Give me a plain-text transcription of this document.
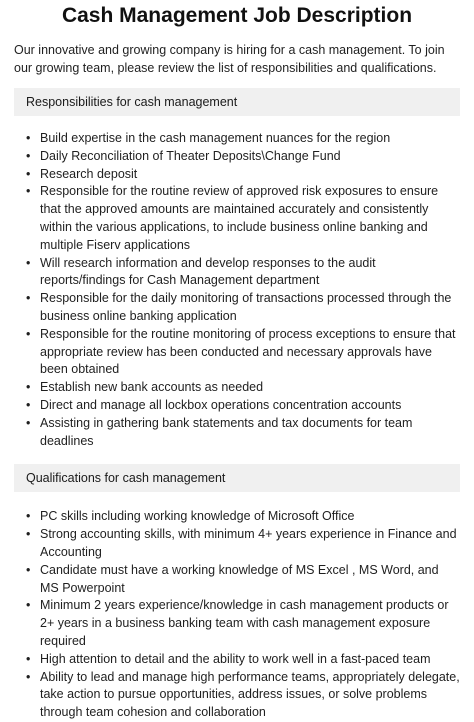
Cash Management Job Description

Our innovative and growing company is hiring for a cash management. To join our growing team, please review the list of responsibilities and qualifications.

Responsibilities for cash management
• Build expertise in the cash management nuances for the region
• Daily Reconciliation of Theater Deposits\Change Fund
• Research deposit
• Responsible for the routine review of approved risk exposures to ensure that the approved amounts are maintained accurately and consistently within the various applications, to include business online banking and multiple Fiserv applications
• Will research information and develop responses to the audit reports/findings for Cash Management department
• Responsible for the daily monitoring of transactions processed through the business online banking application
• Responsible for the routine monitoring of process exceptions to ensure that appropriate review has been conducted and necessary approvals have been obtained
• Establish new bank accounts as needed
• Direct and manage all lockbox operations concentration accounts
• Assisting in gathering bank statements and tax documents for team deadlines
Qualifications for cash management
• PC skills including working knowledge of Microsoft Office
• Strong accounting skills, with minimum 4+ years experience in Finance and Accounting
• Candidate must have a working knowledge of MS Excel , MS Word, and MS Powerpoint
• Minimum 2 years experience/knowledge in cash management products or 2+ years in a business banking team with cash management exposure required
• High attention to detail and the ability to work well in a fast-paced team
• Ability to lead and manage high performance teams, appropriately delegate, take action to pursue opportunities, address issues, or solve problems through team cohesion and collaboration
